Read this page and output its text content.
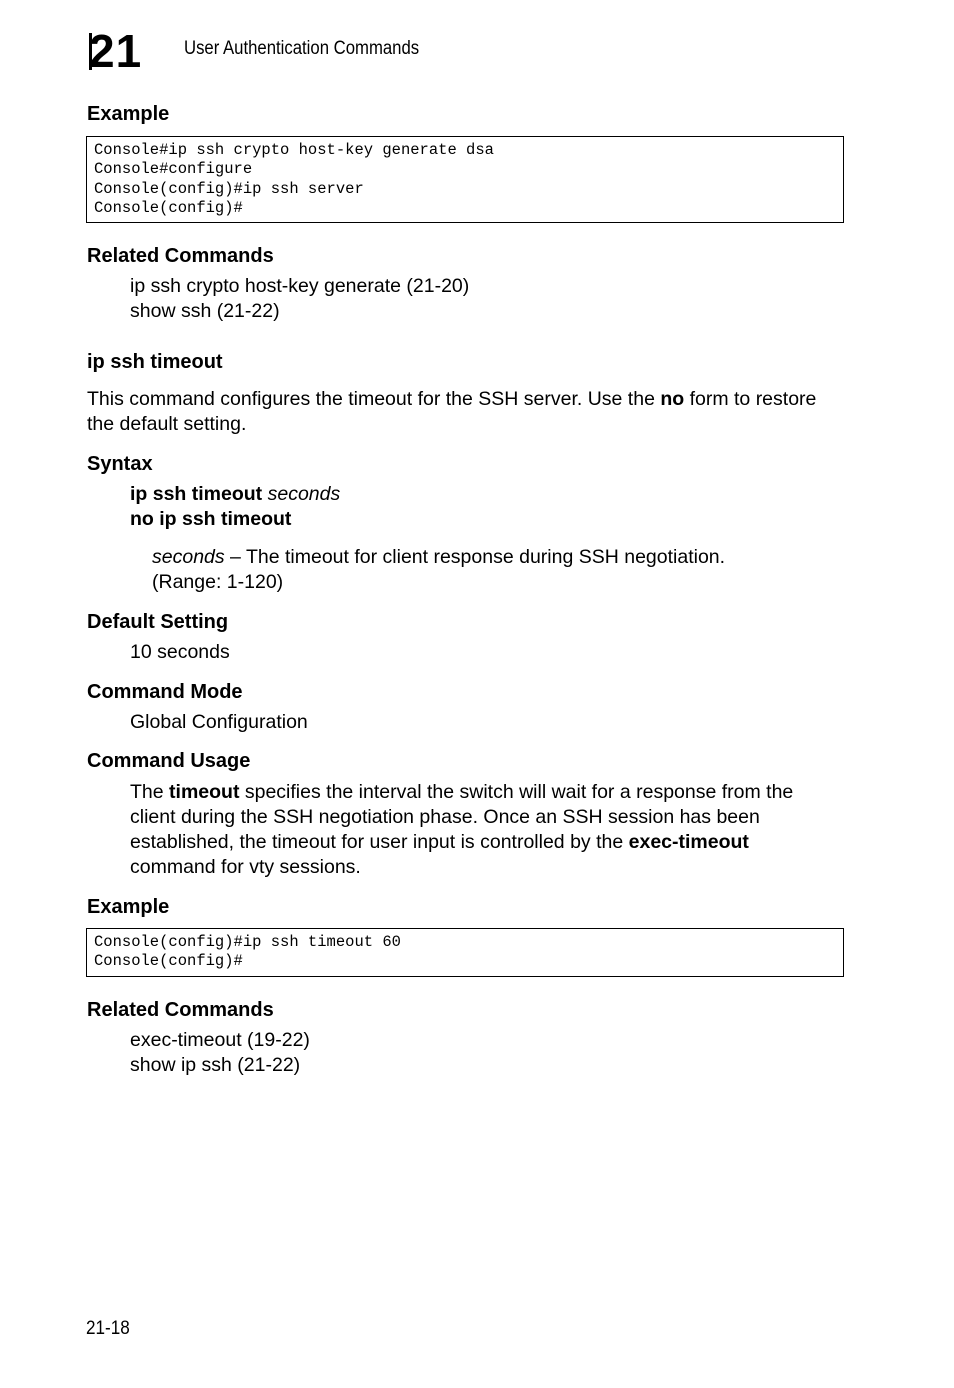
21 User Authentication Commands
Example
Console#ip ssh crypto host-key generate dsa
Console#configure
Console(config)#ip ssh server
Console(config)#
Related Commands
ip ssh crypto host-key generate (21-20)
show ssh (21-22)
ip ssh timeout
This command configures the timeout for the SSH server. Use the no form to restore
the default setting.
Syntax
ip ssh timeout seconds
no ip ssh timeout
seconds – The timeout for client response during SSH negotiation.
(Range: 1-120)
Default Setting
10 seconds
Command Mode
Global Configuration
Command Usage
The timeout specifies the interval the switch will wait for a response from the
client during the SSH negotiation phase. Once an SSH session has been
established, the timeout for user input is controlled by the exec-timeout
command for vty sessions.
Example
Console(config)#ip ssh timeout 60
Console(config)#
Related Commands
exec-timeout (19-22)
show ip ssh (21-22)
21-18
